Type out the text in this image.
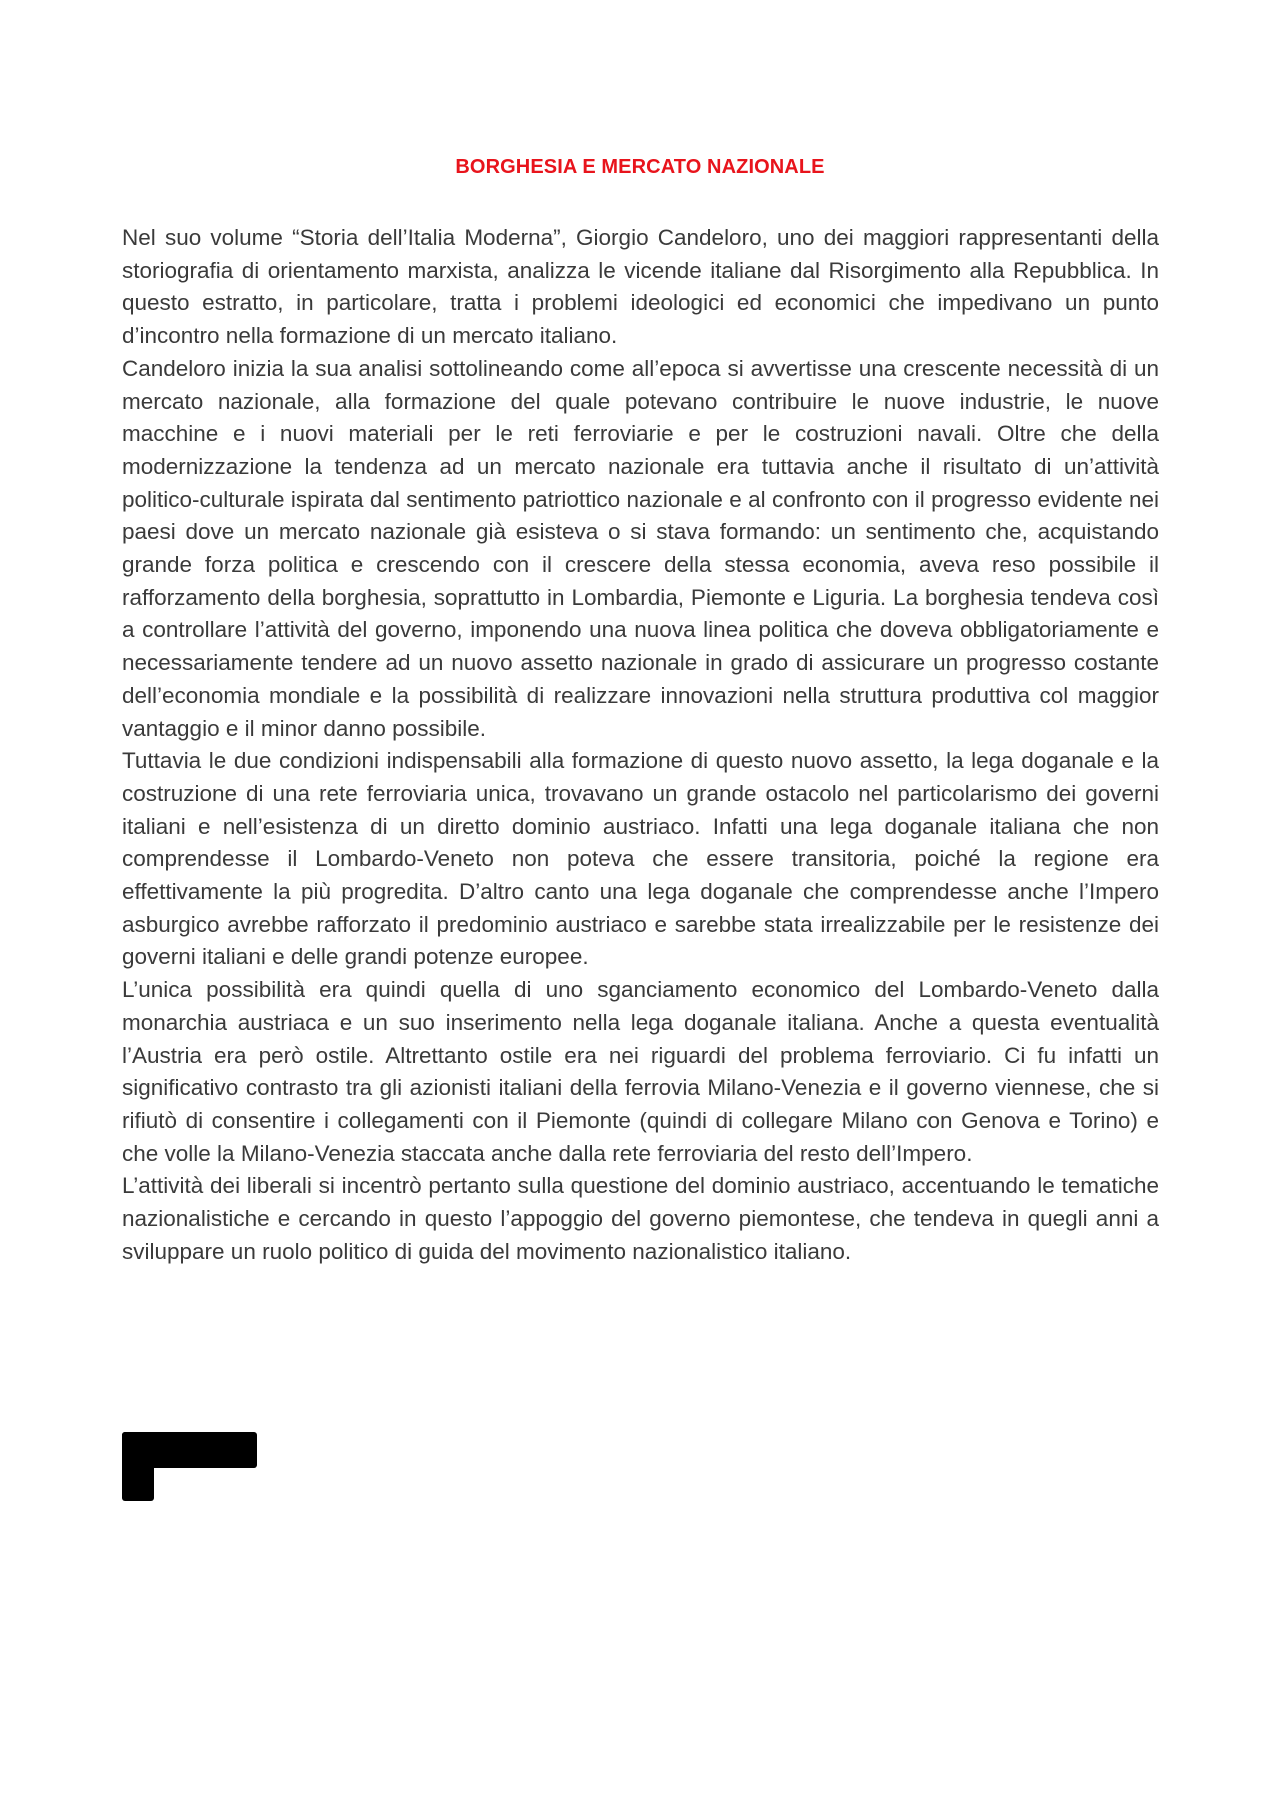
BORGHESIA E MERCATO NAZIONALE

Nel suo volume “Storia dell’Italia Moderna”, Giorgio Candeloro, uno dei maggiori rappresentanti della storiografia di orientamento marxista, analizza le vicende italiane dal Risorgimento alla Repubblica. In questo estratto, in particolare, tratta i problemi ideologici ed economici che impedivano un punto d’incontro nella formazione di un mercato italiano.

Candeloro inizia la sua analisi sottolineando come all’epoca si avvertisse una crescente necessità di un mercato nazionale, alla formazione del quale potevano contribuire le nuove industrie, le nuove macchine e i nuovi materiali per le reti ferroviarie e per le costruzioni navali. Oltre che della modernizzazione la tendenza ad un mercato nazionale era tuttavia anche il risultato di un’attività politico-culturale ispirata dal sentimento patriottico nazionale e al confronto con il progresso evidente nei paesi dove un mercato nazionale già esisteva o si stava formando: un sentimento che, acquistando grande forza politica e crescendo con il crescere della stessa economia, aveva reso possibile il rafforzamento della borghesia, soprattutto in Lombardia, Piemonte e Liguria. La borghesia tendeva così a controllare l’attività del governo, imponendo una nuova linea politica che doveva obbligatoriamente e necessariamente tendere ad un nuovo assetto nazionale in grado di assicurare un progresso costante dell’economia mondiale e la possibilità di realizzare innovazioni nella struttura produttiva col maggior vantaggio e il minor danno possibile.

Tuttavia le due condizioni indispensabili alla formazione di questo nuovo assetto, la lega doganale e la costruzione di una rete ferroviaria unica, trovavano un grande ostacolo nel particolarismo dei governi italiani e nell’esistenza di un diretto dominio austriaco. Infatti una lega doganale italiana che non comprendesse il Lombardo-Veneto non poteva che essere transitoria, poiché la regione era effettivamente la più progredita. D’altro canto una lega doganale che comprendesse anche l’Impero asburgico avrebbe rafforzato il predominio austriaco e sarebbe stata irrealizzabile per le resistenze dei governi italiani e delle grandi potenze europee.

L’unica possibilità era quindi quella di uno sganciamento economico del Lombardo-Veneto dalla monarchia austriaca e un suo inserimento nella lega doganale italiana. Anche a questa eventualità l’Austria era però ostile. Altrettanto ostile era nei riguardi del problema ferroviario. Ci fu infatti un significativo contrasto tra gli azionisti italiani della ferrovia Milano-Venezia e il governo viennese, che si rifiutò di consentire i collegamenti con il Piemonte (quindi di collegare Milano con Genova e Torino) e che volle la Milano-Venezia staccata anche dalla rete ferroviaria del resto dell’Impero.

L’attività dei liberali si incentrò pertanto sulla questione del dominio austriaco, accentuando le tematiche nazionalistiche e cercando in questo l’appoggio del governo piemontese, che tendeva in quegli anni a sviluppare un ruolo politico di guida del movimento nazionalistico italiano.
